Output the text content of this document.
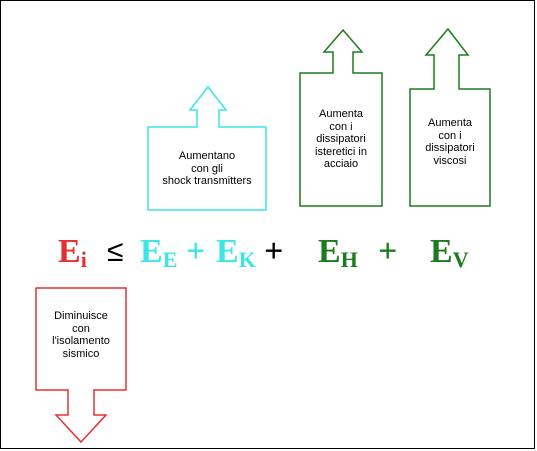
Aumentano
con gli
shock transmitters
Aumenta
con i
dissipatori
isteretici in
acciaio
Aumenta
con i
dissipatori
viscosi
Diminuisce
con
l'isolamento
sismico
$E_i \le E_E + E_K + E_H + E_V$
